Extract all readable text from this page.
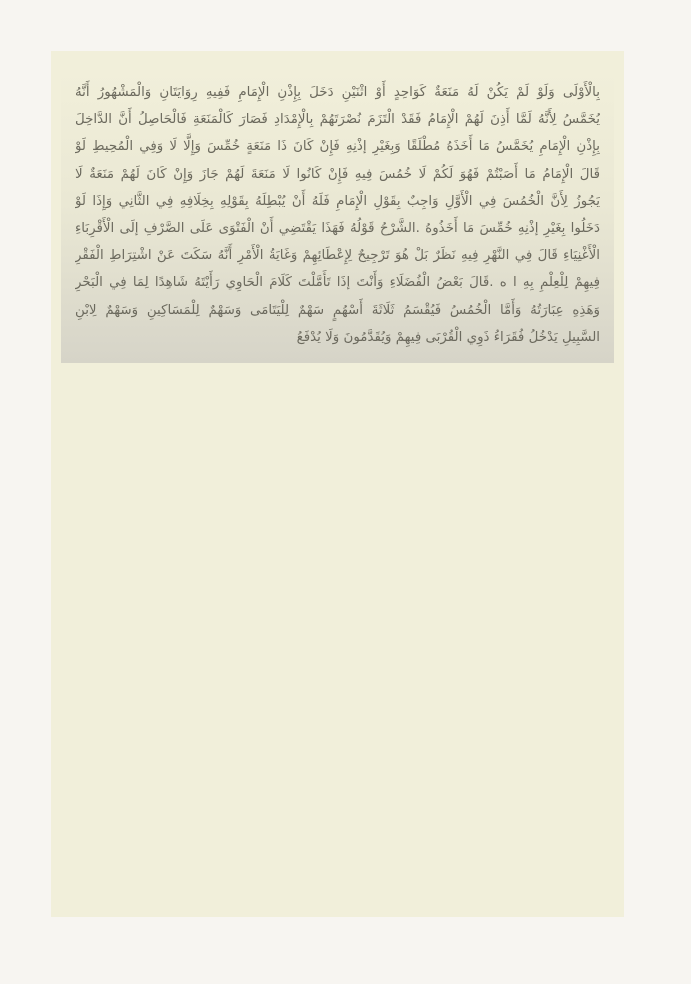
بِالْأَوْلَى وَلَوْ لَمْ يَكُنْ لَهُ مَنَعَةٌ كَوَاحِدٍ أَوْ اثْنَيْنِ دَخَلَ بِإِذْنِ الْإِمَامِ فَفِيهِ رِوَايَتَانِ وَالْمَشْهُورُ أَنَّهُ
يُخَمَّسُ لِأَنَّهُ لَمَّا أَذِنَ لَهُمْ الْإِمَامُ فَقَدْ الْتَزَمَ نُصْرَتَهُمْ بِالْإِمْدَادِ فَصَارَ كَالْمَنَعَةِ فَالْحَاصِلُ أَنَّ الدَّاخِلَ
بِإِذْنِ الْإِمَامِ يُخَمَّسُ مَا أَخَذَهُ مُطْلَقًا وَبِغَيْرِ إذْنِهِ فَإِنْ كَانَ ذَا مَنَعَةٍ خُمِّسَ وَإِلَّا لَا وَفِي الْمُحِيطِ لَوْ
قَالَ الْإِمَامُ مَا أَصَبْتُمْ فَهُوَ لَكُمْ لَا خُمُسَ فِيهِ فَإِنْ كَانُوا لَا مَنَعَةَ لَهُمْ جَازَ وَإِنْ كَانَ لَهُمْ مَنَعَةٌ لَا
يَجُوزُ لِأَنَّ الْخُمُسَ فِي الْأَوَّلِ وَاجِبٌ بِقَوْلِ الْإِمَامِ فَلَهُ أَنْ يُبْطِلَهُ بِقَوْلِهِ بِخِلَافِهِ فِي الثَّانِي وَإِذَا لَوْ
دَخَلُوا بِغَيْرِ إذْنِهِ خُمِّسَ مَا أَخَذُوهُ .الشَّرْحُ قَوْلُهُ فَهَذَا يَقْتَضِي أَنْ الْفَتْوَى عَلَى الصَّرْفِ إلَى الْأَقْرِبَاءِ
الْأَغْنِيَاءِ قَالَ فِي النَّهْرِ فِيهِ نَظَرٌ بَلْ هُوَ تَرْجِيحٌ لِإِعْطَائِهِمْ وَغَايَةُ الْأَمْرِ أَنَّهُ سَكَتَ عَنْ اشْتِرَاطِ الْفَقْرِ
فِيهِمْ لِلْعِلْمِ بِهِ ا ه .قَالَ بَعْضُ الْفُضَلَاءِ وَأَنْتَ إذَا تَأَمَّلْتَ كَلَامَ الْحَاوِي رَأَيْتَهُ شَاهِدًا لِمَا فِي الْبَحْرِ
وَهَذِهِ عِبَارَتُهُ وَأَمَّا الْخُمُسُ فَيُقْسَمُ ثَلَاثَةَ أَسْهُمٍ سَهْمٌ لِلْيَتَامَى وَسَهْمٌ لِلْمَسَاكِينِ وَسَهْمٌ لِابْنِ
السَّبِيلِ يَدْخُلُ فُقَرَاءُ ذَوِي الْقُرْبَى فِيهِمْ وَيُقَدَّمُونَ وَلَا يُدْفَعُ
